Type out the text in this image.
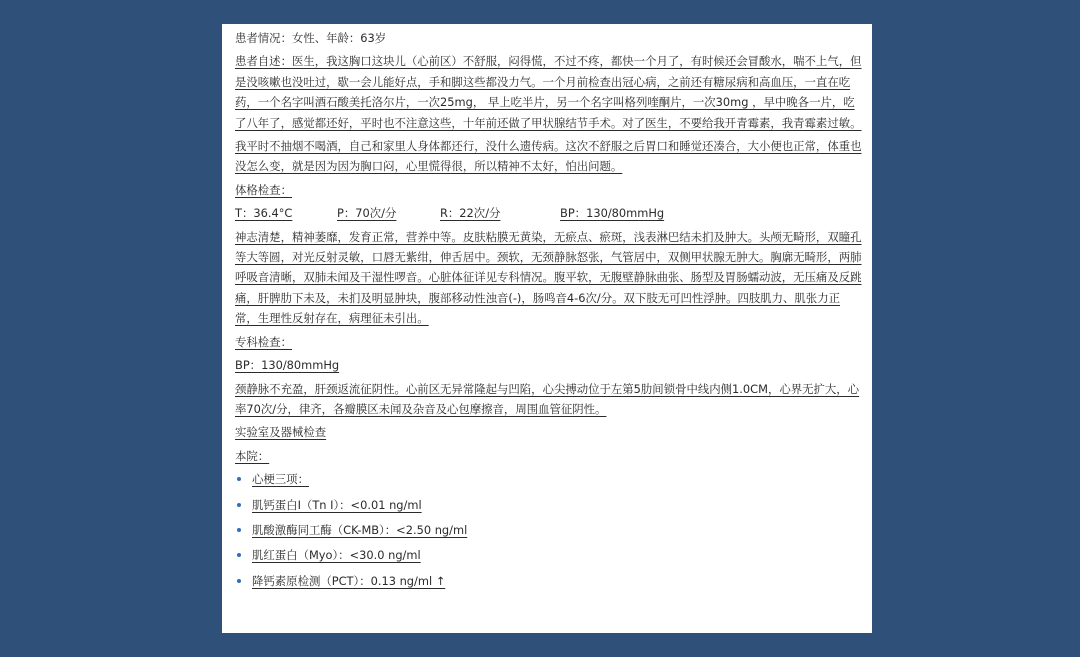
患者情况：女性、年龄：63岁

患者自述：医生，我这胸口这块儿（心前区）不舒服，闷得慌，不过不疼，都快一个月了，有时候还会冒酸水，喘不上气，但是没咳嗽也没吐过，歇一会儿能好点，手和脚这些都没力气。一个月前检查出冠心病，之前还有糖尿病和高血压，一直在吃药，一个名字叫酒石酸美托洛尔片，一次25mg， 早上吃半片，另一个名字叫格列喹酮片，一次30mg ，早中晚各一片，吃了八年了，感觉都还好，平时也不注意这些，十年前还做了甲状腺结节手术。对了医生，不要给我开青霉素，我青霉素过敏。

我平时不抽烟不喝酒，自己和家里人身体都还行，没什么遗传病。这次不舒服之后胃口和睡觉还凑合，大小便也正常，体重也没怎么变，就是因为因为胸口闷，心里慌得很，所以精神不太好，怕出问题。

体格检查：

T：36.4°C	P：70次/分	R：22次/分	BP：130/80mmHg

神志清楚，精神萎靡，发育正常，营养中等。皮肤粘膜无黄染，无瘀点、瘀斑，浅表淋巴结未扪及肿大。头颅无畸形，双瞳孔等大等圆，对光反射灵敏，口唇无紫绀，伸舌居中。颈软，无颈静脉怒张，气管居中，双侧甲状腺无肿大。胸廓无畸形，两肺呼吸音清晰，双肺未闻及干湿性啰音。心脏体征详见专科情况。腹平软，无腹壁静脉曲张、肠型及胃肠蠕动波，无压痛及反跳痛，肝脾肋下未及，未扪及明显肿块，腹部移动性浊音(-)，肠鸣音4-6次/分。双下肢无可凹性浮肿。四肢肌力、肌张力正常，生理性反射存在，病理征未引出。

专科检查：

BP：130/80mmHg

颈静脉不充盈，肝颈返流征阴性。心前区无异常隆起与凹陷，心尖搏动位于左第5肋间锁骨中线内侧1.0CM，心界无扩大，心率70次/分，律齐，各瓣膜区未闻及杂音及心包摩擦音，周围血管征阴性。

实验室及器械检查

本院：

心梗三项：
肌钙蛋白I（Tn I）：<0.01 ng/ml
肌酸激酶同工酶（CK-MB）：<2.50 ng/ml
肌红蛋白（Myo）：<30.0 ng/ml
降钙素原检测（PCT）：0.13 ng/ml ↑
